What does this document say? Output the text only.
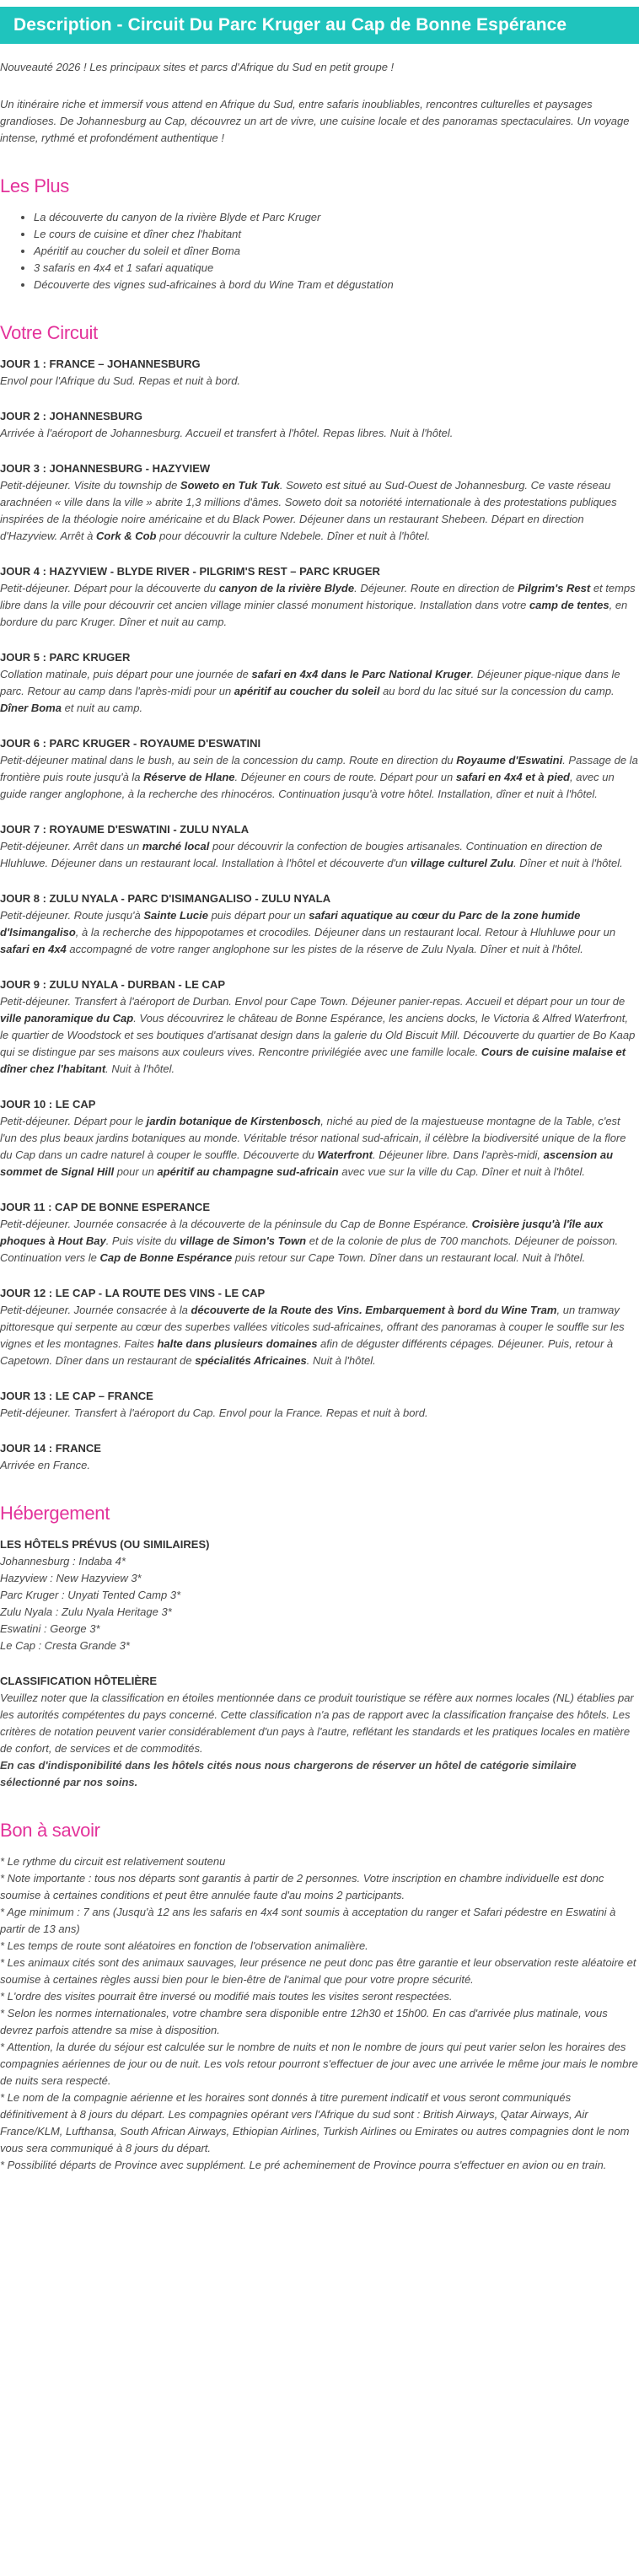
Description - Circuit Du Parc Kruger au Cap de Bonne Espérance

Nouveauté 2026 ! Les principaux sites et parcs d'Afrique du Sud en petit groupe !

Un itinéraire riche et immersif vous attend en Afrique du Sud, entre safaris inoubliables, rencontres culturelles et paysages grandioses. De Johannesburg au Cap, découvrez un art de vivre, une cuisine locale et des panoramas spectaculaires. Un voyage intense, rythmé et profondément authentique !

Les Plus
• La découverte du canyon de la rivière Blyde et Parc Kruger
• Le cours de cuisine et dîner chez l'habitant
• Apéritif au coucher du soleil et dîner Boma
• 3 safaris en 4x4 et 1 safari aquatique
• Découverte des vignes sud-africaines à bord du Wine Tram et dégustation
Votre Circuit
JOUR 1 : FRANCE – JOHANNESBURG
Envol pour l'Afrique du Sud. Repas et nuit à bord.
JOUR 2 : JOHANNESBURG
Arrivée à l'aéroport de Johannesburg. Accueil et transfert à l'hôtel. Repas libres. Nuit à l'hôtel.
JOUR 3 : JOHANNESBURG - HAZYVIEW
Petit-déjeuner. Visite du township de Soweto en Tuk Tuk. Soweto est situé au Sud-Ouest de Johannesburg. Ce vaste réseau arachnéen « ville dans la ville » abrite 1,3 millions d'âmes. Soweto doit sa notoriété internationale à des protestations publiques inspirées de la théologie noire américaine et du Black Power. Déjeuner dans un restaurant Shebeen. Départ en direction d'Hazyview. Arrêt à Cork & Cob pour découvrir la culture Ndebele. Dîner et nuit à l'hôtel.
JOUR 4 : HAZYVIEW - BLYDE RIVER - PILGRIM'S REST – PARC KRUGER
Petit-déjeuner. Départ pour la découverte du canyon de la rivière Blyde. Déjeuner. Route en direction de Pilgrim's Rest et temps libre dans la ville pour découvrir cet ancien village minier classé monument historique. Installation dans votre camp de tentes, en bordure du parc Kruger. Dîner et nuit au camp.
JOUR 5 : PARC KRUGER
Collation matinale, puis départ pour une journée de safari en 4x4 dans le Parc National Kruger. Déjeuner pique-nique dans le parc. Retour au camp dans l'après-midi pour un apéritif au coucher du soleil au bord du lac situé sur la concession du camp. Dîner Boma et nuit au camp.
JOUR 6 : PARC KRUGER - ROYAUME D'ESWATINI
Petit-déjeuner matinal dans le bush, au sein de la concession du camp. Route en direction du Royaume d'Eswatini. Passage de la frontière puis route jusqu'à la Réserve de Hlane. Déjeuner en cours de route. Départ pour un safari en 4x4 et à pied, avec un guide ranger anglophone, à la recherche des rhinocéros. Continuation jusqu'à votre hôtel. Installation, dîner et nuit à l'hôtel.
JOUR 7 : ROYAUME D'ESWATINI - ZULU NYALA
Petit-déjeuner. Arrêt dans un marché local pour découvrir la confection de bougies artisanales. Continuation en direction de Hluhluwe. Déjeuner dans un restaurant local. Installation à l'hôtel et découverte d'un village culturel Zulu. Dîner et nuit à l'hôtel.
JOUR 8 : ZULU NYALA - PARC D'ISIMANGALISO - ZULU NYALA
Petit-déjeuner. Route jusqu'à Sainte Lucie puis départ pour un safari aquatique au cœur du Parc de la zone humide d'Isimangaliso, à la recherche des hippopotames et crocodiles. Déjeuner dans un restaurant local. Retour à Hluhluwe pour un safari en 4x4 accompagné de votre ranger anglophone sur les pistes de la réserve de Zulu Nyala. Dîner et nuit à l'hôtel.
JOUR 9 : ZULU NYALA - DURBAN - LE CAP
Petit-déjeuner. Transfert à l'aéroport de Durban. Envol pour Cape Town. Déjeuner panier-repas. Accueil et départ pour un tour de ville panoramique du Cap. Vous découvrirez le château de Bonne Espérance, les anciens docks, le Victoria & Alfred Waterfront, le quartier de Woodstock et ses boutiques d'artisanat design dans la galerie du Old Biscuit Mill. Découverte du quartier de Bo Kaap qui se distingue par ses maisons aux couleurs vives. Rencontre privilégiée avec une famille locale. Cours de cuisine malaise et dîner chez l'habitant. Nuit à l'hôtel.
JOUR 10 : LE CAP
Petit-déjeuner. Départ pour le jardin botanique de Kirstenbosch, niché au pied de la majestueuse montagne de la Table, c'est l'un des plus beaux jardins botaniques au monde. Véritable trésor national sud-africain, il célèbre la biodiversité unique de la flore du Cap dans un cadre naturel à couper le souffle. Découverte du Waterfront. Déjeuner libre. Dans l'après-midi, ascension au sommet de Signal Hill pour un apéritif au champagne sud-africain avec vue sur la ville du Cap. Dîner et nuit à l'hôtel.
JOUR 11 : CAP DE BONNE ESPERANCE
Petit-déjeuner. Journée consacrée à la découverte de la péninsule du Cap de Bonne Espérance. Croisière jusqu'à l'île aux phoques à Hout Bay. Puis visite du village de Simon's Town et de la colonie de plus de 700 manchots. Déjeuner de poisson. Continuation vers le Cap de Bonne Espérance puis retour sur Cape Town. Dîner dans un restaurant local. Nuit à l'hôtel.
JOUR 12 : LE CAP - LA ROUTE DES VINS - LE CAP
Petit-déjeuner. Journée consacrée à la découverte de la Route des Vins. Embarquement à bord du Wine Tram, un tramway pittoresque qui serpente au cœur des superbes vallées viticoles sud-africaines, offrant des panoramas à couper le souffle sur les vignes et les montagnes. Faites halte dans plusieurs domaines afin de déguster différents cépages. Déjeuner. Puis, retour à Capetown. Dîner dans un restaurant de spécialités Africaines. Nuit à l'hôtel.
JOUR 13 : LE CAP – FRANCE
Petit-déjeuner. Transfert à l'aéroport du Cap. Envol pour la France. Repas et nuit à bord.
JOUR 14 : FRANCE
Arrivée en France.
Hébergement
LES HÔTELS PRÉVUS (OU SIMILAIRES)
Johannesburg : Indaba 4*
Hazyview : New Hazyview 3*
Parc Kruger : Unyati Tented Camp 3*
Zulu Nyala : Zulu Nyala Heritage 3*
Eswatini : George 3*
Le Cap : Cresta Grande 3*
CLASSIFICATION HÔTELIÈRE
Veuillez noter que la classification en étoiles mentionnée dans ce produit touristique se réfère aux normes locales (NL) établies par les autorités compétentes du pays concerné. Cette classification n'a pas de rapport avec la classification française des hôtels. Les critères de notation peuvent varier considérablement d'un pays à l'autre, reflétant les standards et les pratiques locales en matière de confort, de services et de commodités.
En cas d'indisponibilité dans les hôtels cités nous nous chargerons de réserver un hôtel de catégorie similaire sélectionné par nos soins.
Bon à savoir
* Le rythme du circuit est relativement soutenu
* Note importante : tous nos départs sont garantis à partir de 2 personnes. Votre inscription en chambre individuelle est donc soumise à certaines conditions et peut être annulée faute d'au moins 2 participants.
* Age minimum : 7 ans (Jusqu'à 12 ans les safaris en 4x4 sont soumis à acceptation du ranger et Safari pédestre en Eswatini à partir de 13 ans)
* Les temps de route sont aléatoires en fonction de l'observation animalière.
* Les animaux cités sont des animaux sauvages, leur présence ne peut donc pas être garantie et leur observation reste aléatoire et soumise à certaines règles aussi bien pour le bien-être de l'animal que pour votre propre sécurité.
* L'ordre des visites pourrait être inversé ou modifié mais toutes les visites seront respectées.
* Selon les normes internationales, votre chambre sera disponible entre 12h30 et 15h00. En cas d'arrivée plus matinale, vous devrez parfois attendre sa mise à disposition.
* Attention, la durée du séjour est calculée sur le nombre de nuits et non le nombre de jours qui peut varier selon les horaires des compagnies aériennes de jour ou de nuit. Les vols retour pourront s'effectuer de jour avec une arrivée le même jour mais le nombre de nuits sera respecté.
* Le nom de la compagnie aérienne et les horaires sont donnés à titre purement indicatif et vous seront communiqués définitivement à 8 jours du départ. Les compagnies opérant vers l'Afrique du sud sont : British Airways, Qatar Airways, Air France/KLM, Lufthansa, South African Airways, Ethiopian Airlines, Turkish Airlines ou Emirates ou autres compagnies dont le nom vous sera communiqué à 8 jours du départ.
* Possibilité départs de Province avec supplément. Le pré acheminement de Province pourra s'effectuer en avion ou en train.
